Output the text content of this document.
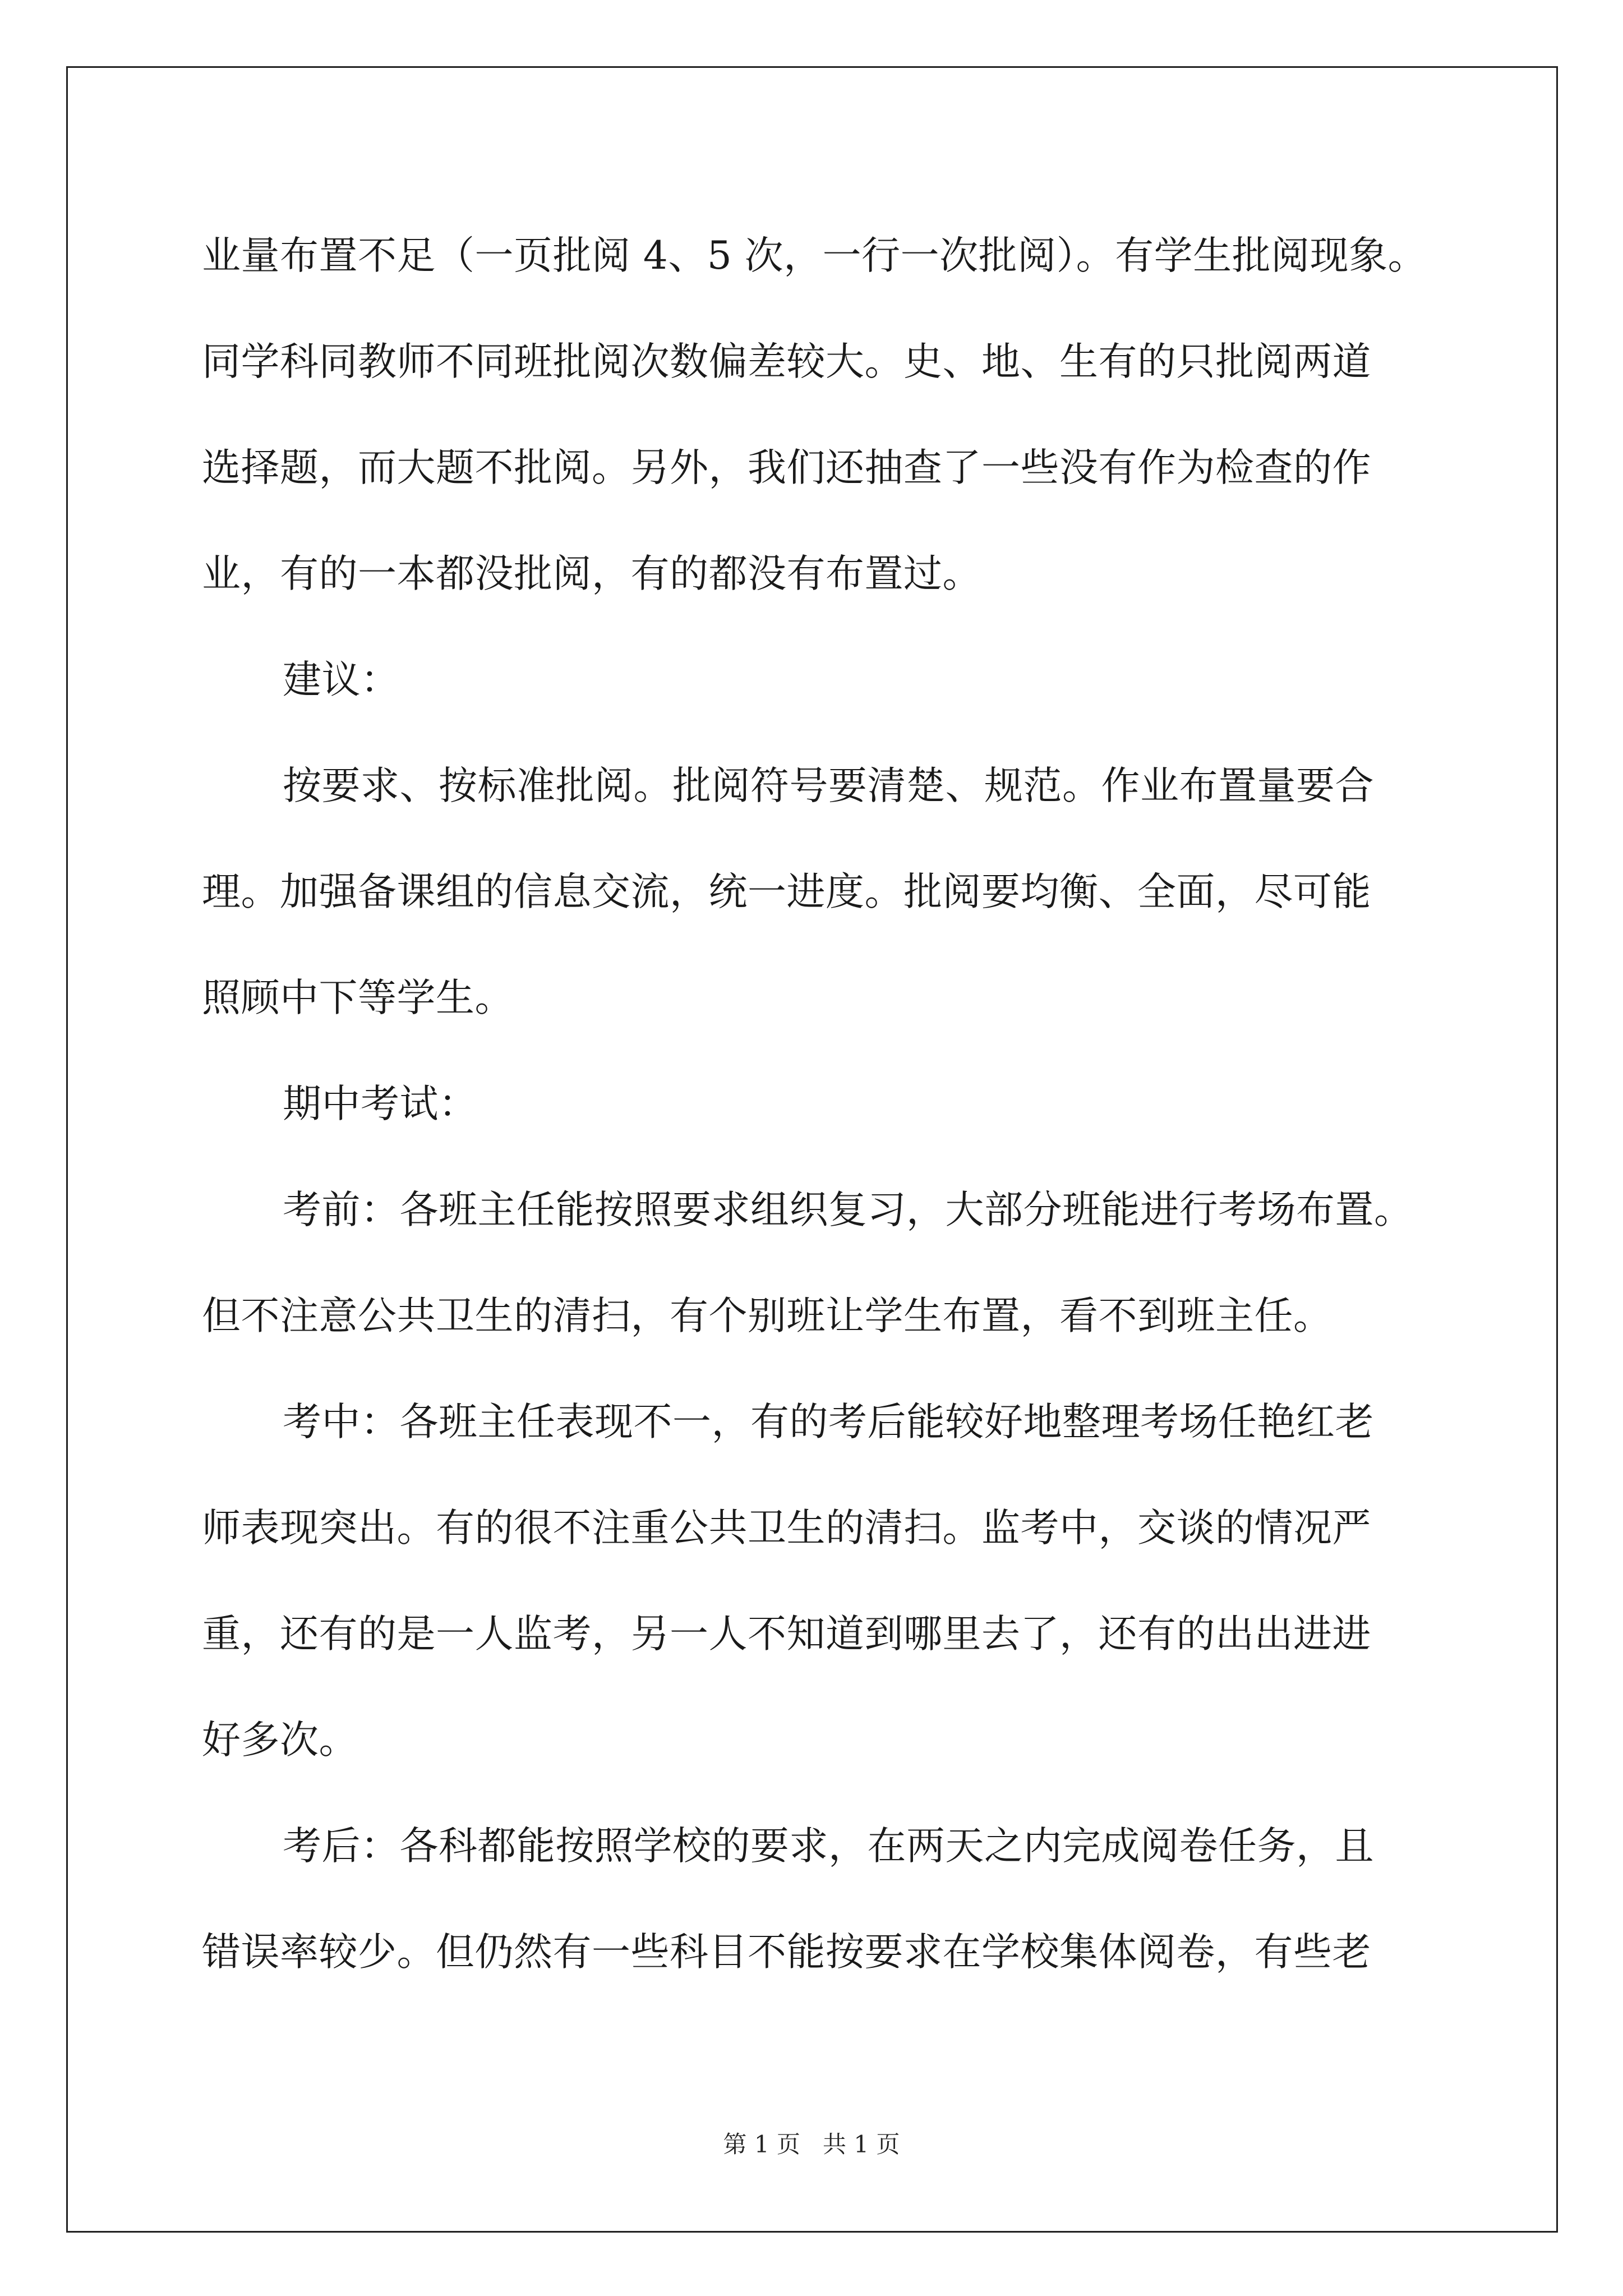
业量布置不足（一页批阅 4、5 次，一行一次批阅）。有学生批阅现象。
同学科同教师不同班批阅次数偏差较大。史、地、生有的只批阅两道
选择题，而大题不批阅。另外，我们还抽查了一些没有作为检查的作
业，有的一本都没批阅，有的都没有布置过。
建议：
按要求、按标准批阅。批阅符号要清楚、规范。作业布置量要合
理。加强备课组的信息交流，统一进度。批阅要均衡、全面，尽可能
照顾中下等学生。
期中考试：
考前：各班主任能按照要求组织复习，大部分班能进行考场布置。
但不注意公共卫生的清扫，有个别班让学生布置，看不到班主任。
考中：各班主任表现不一，有的考后能较好地整理考场任艳红老
师表现突出。有的很不注重公共卫生的清扫。监考中，交谈的情况严
重，还有的是一人监考，另一人不知道到哪里去了，还有的出出进进
好多次。
考后：各科都能按照学校的要求，在两天之内完成阅卷任务，且
错误率较少。但仍然有一些科目不能按要求在学校集体阅卷，有些老
第 1 页   共 1 页
